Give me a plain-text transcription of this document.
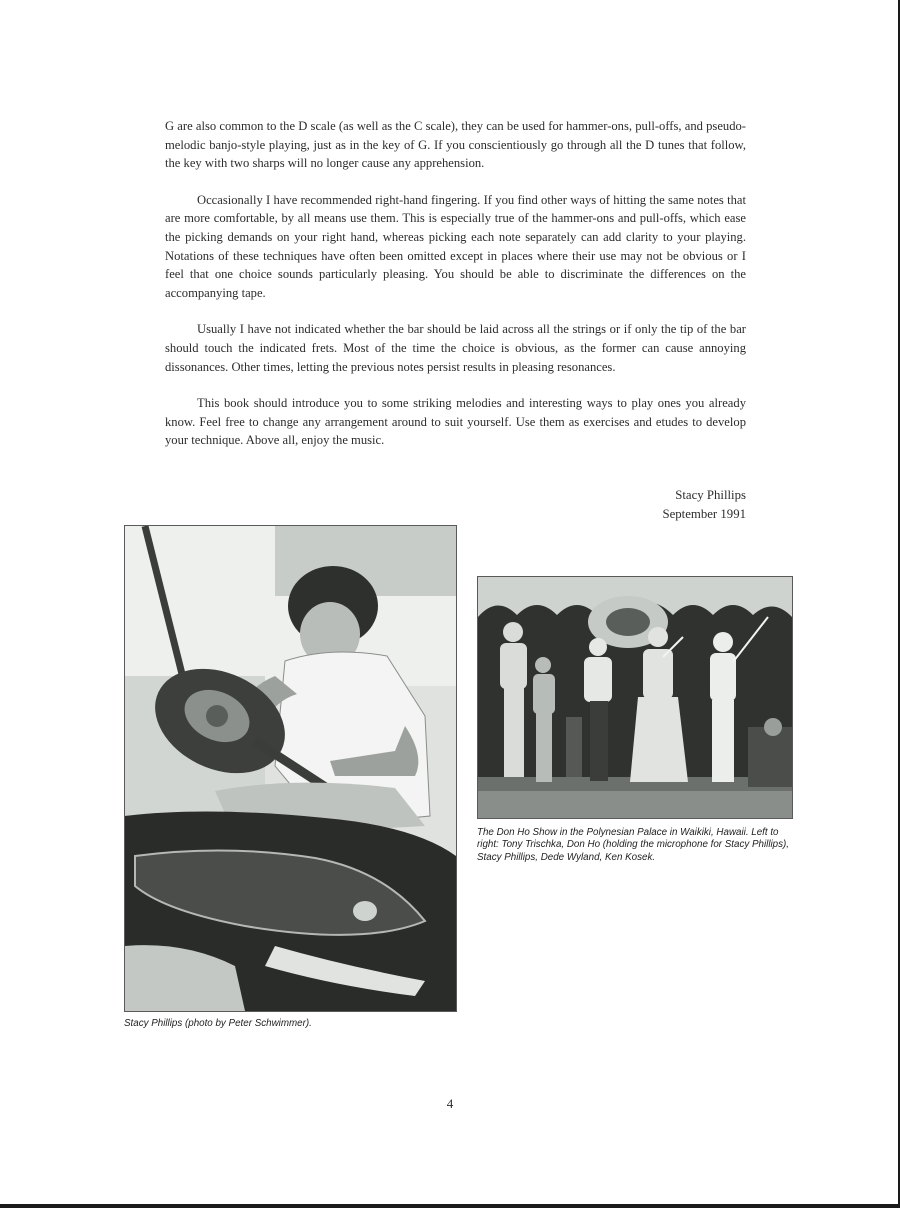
G are also common to the D scale (as well as the C scale), they can be used for hammer-ons, pull-offs, and pseudo-melodic banjo-style playing, just as in the key of G. If you conscientiously go through all the D tunes that follow, the key with two sharps will no longer cause any apprehension.

Occasionally I have recommended right-hand fingering. If you find other ways of hitting the same notes that are more comfortable, by all means use them. This is especially true of the hammer-ons and pull-offs, which ease the picking demands on your right hand, whereas picking each note separately can add clarity to your playing. Notations of these techniques have often been omitted except in places where their use may not be obvious or I feel that one choice sounds particularly pleasing. You should be able to discriminate the differences on the accompanying tape.

Usually I have not indicated whether the bar should be laid across all the strings or if only the tip of the bar should touch the indicated frets. Most of the time the choice is obvious, as the former can cause annoying dissonances. Other times, letting the previous notes persist results in pleasing resonances.

This book should introduce you to some striking melodies and interesting ways to play ones you already know. Feel free to change any arrangement around to suit yourself. Use them as exercises and etudes to develop your technique. Above all, enjoy the music.

Stacy Phillips
September 1991
Stacy Phillips (photo by Peter Schwimmer).
The Don Ho Show in the Polynesian Palace in Waikiki, Hawaii. Left to right: Tony Trischka, Don Ho (holding the microphone for Stacy Phillips), Stacy Phillips, Dede Wyland, Ken Kosek.
4
